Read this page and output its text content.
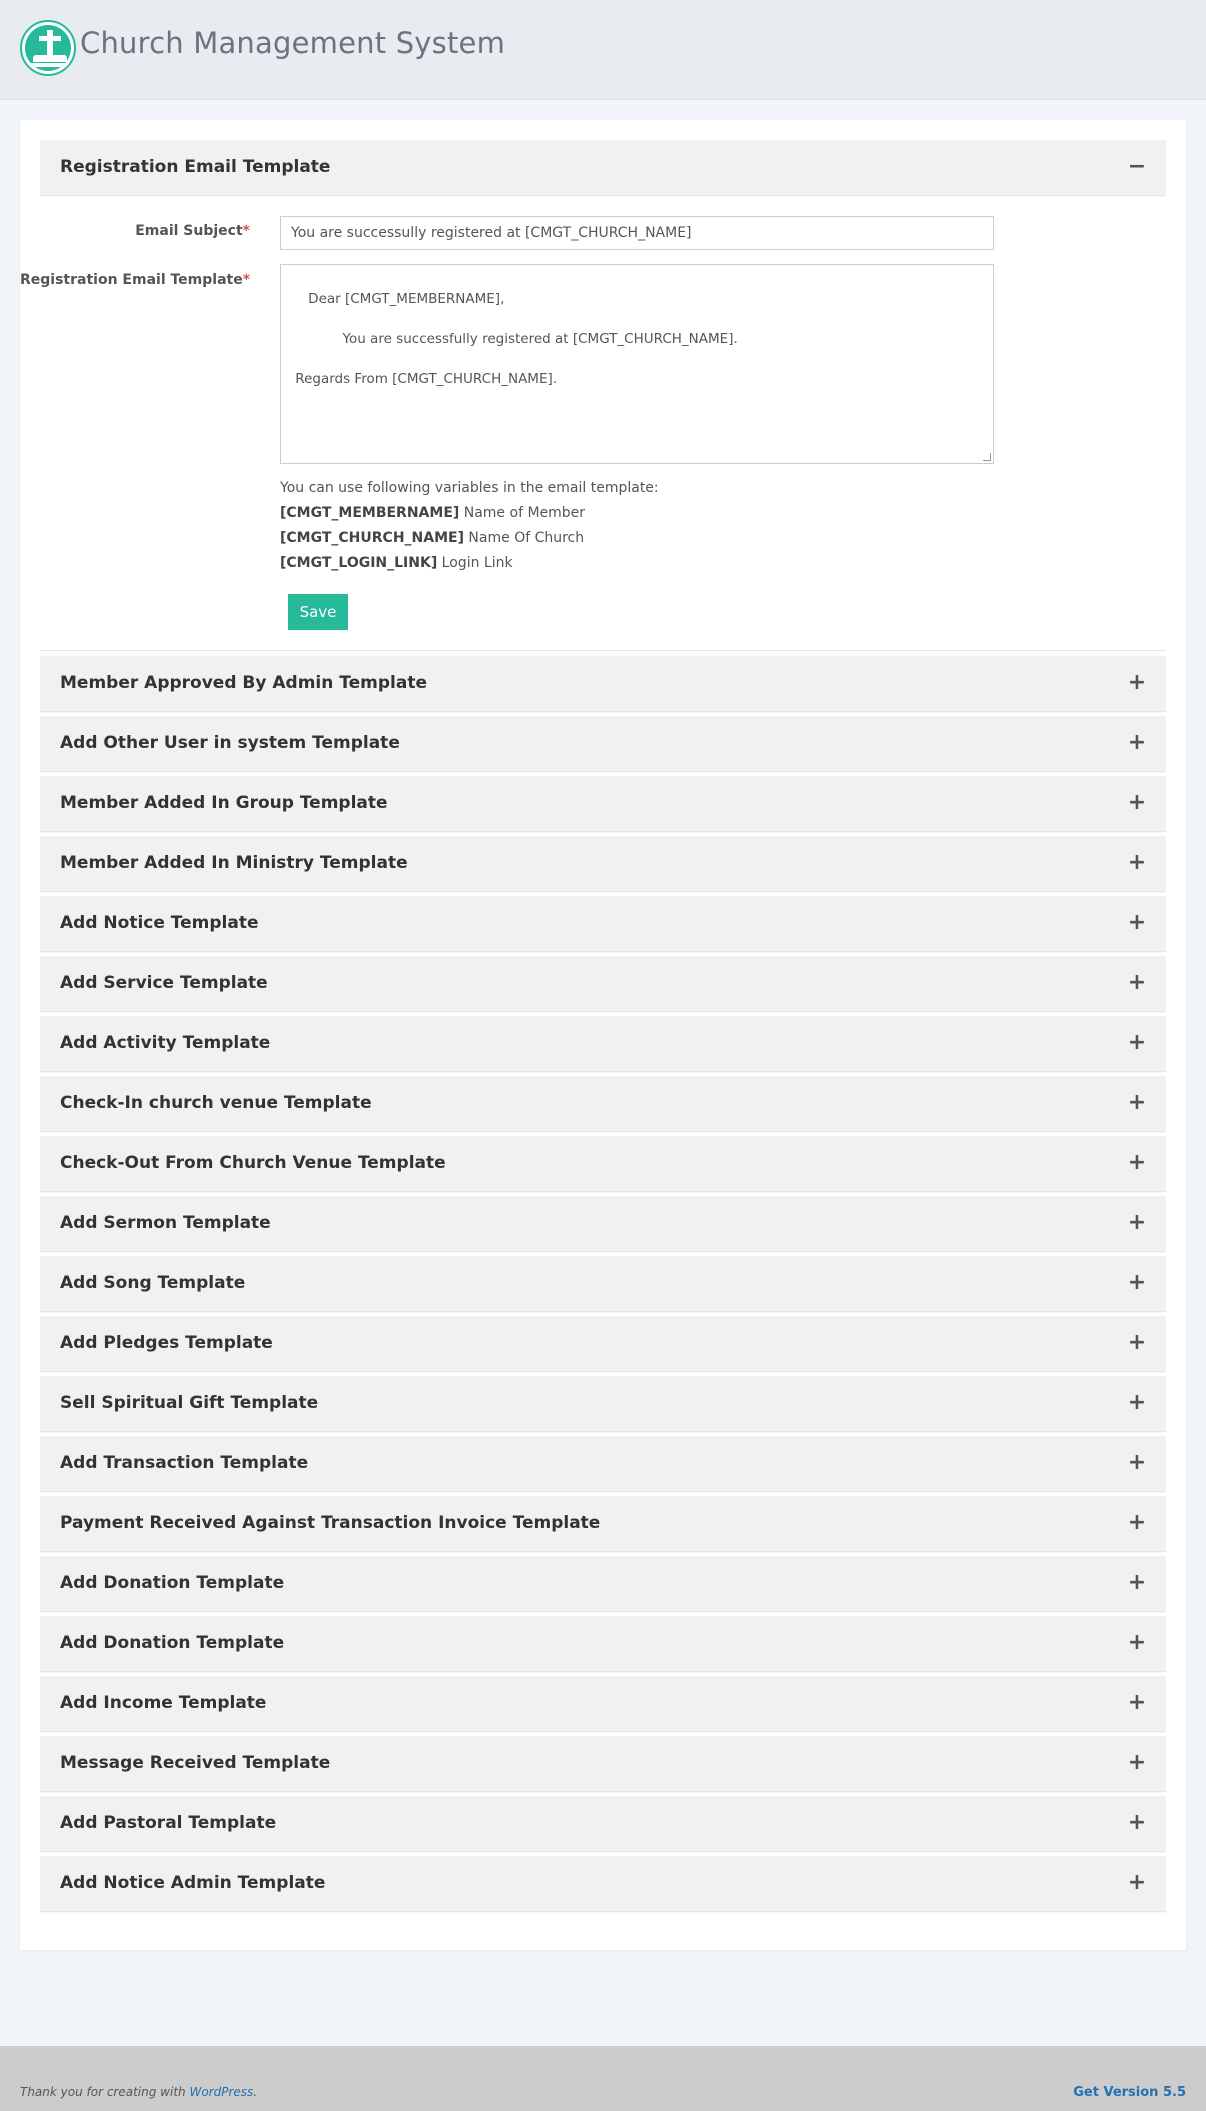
Church Management System
Registration Email Template	−
Email Subject*	You are successully registered at [CMGT_CHURCH_NAME]
Registration Email Template*

Dear [CMGT_MEMBERNAME],

You are successfully registered at [CMGT_CHURCH_NAME].

Regards From [CMGT_CHURCH_NAME].

You can use following variables in the email template:
[CMGT_MEMBERNAME] Name of Member
[CMGT_CHURCH_NAME] Name Of Church
[CMGT_LOGIN_LINK] Login Link
Save
Member Approved By Admin Template	+
Add Other User in system Template	+
Member Added In Group Template	+
Member Added In Ministry Template	+
Add Notice Template	+
Add Service Template	+
Add Activity Template	+
Check-In church venue Template	+
Check-Out From Church Venue Template	+
Add Sermon Template	+
Add Song Template	+
Add Pledges Template	+
Sell Spiritual Gift Template	+
Add Transaction Template	+
Payment Received Against Transaction Invoice Template	+
Add Donation Template	+
Add Donation Template	+
Add Income Template	+
Message Received Template	+
Add Pastoral Template	+
Add Notice Admin Template	+
Thank you for creating with WordPress.	Get Version 5.5
